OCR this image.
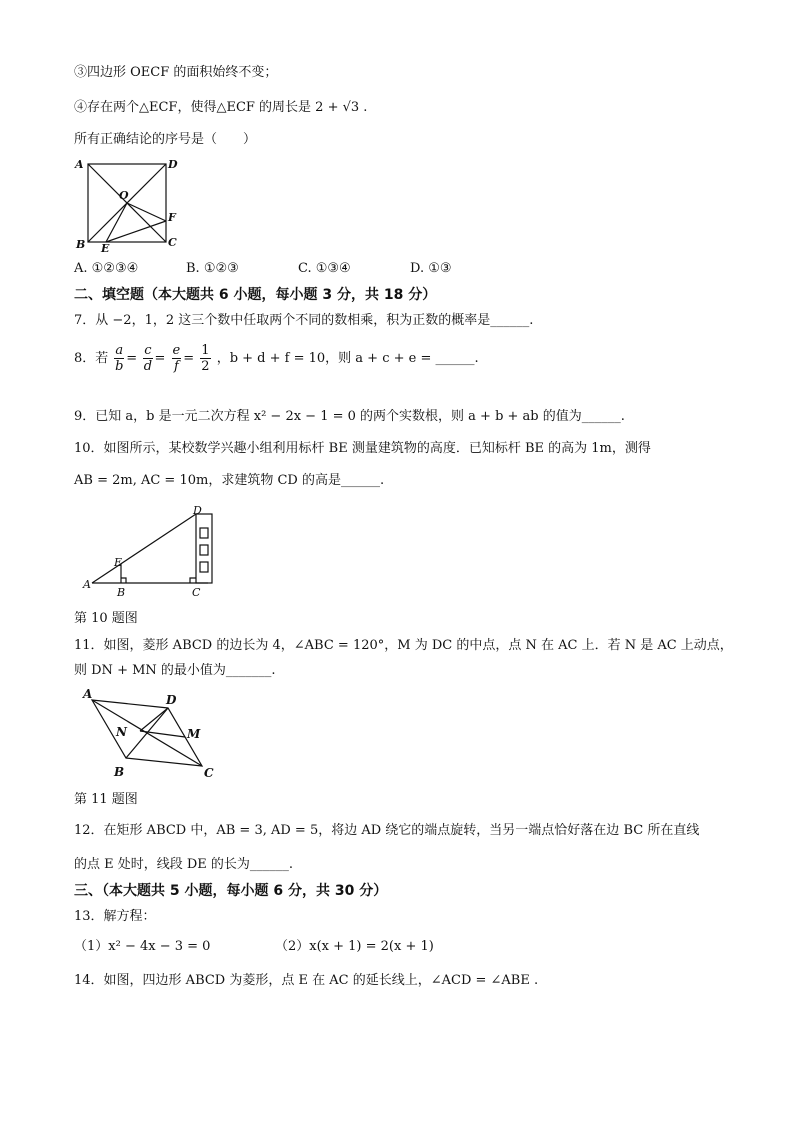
③四边形 OECF 的面积始终不变；
④存在两个△ECF，使得△ECF 的周长是 2 + √3 .
所有正确结论的序号是（　　）
A	D
O
F
B E	C
A. ①②③④	B. ①②③	C. ①③④	D. ①③
二、填空题（本大题共 6 小题，每小题 3 分，共 18 分）
7．从 −2，1，2 这三个数中任取两个不同的数相乘，积为正数的概率是______.
8．若 $\frac{a}{b} = \frac{c}{d} = \frac{e}{f} = \frac{1}{2}$ ，b + d + f = 10，则 a + c + e = ______.
9．已知 a，b 是一元二次方程 x² − 2x − 1 = 0 的两个实数根，则 a + b + ab 的值为______.
10．如图所示，某校数学兴趣小组利用标杆 BE 测量建筑物的高度．已知标杆 BE 的高为 1m，测得
AB = 2m, AC = 10m，求建筑物 CD 的高是______.
D
E
A
B	C
第 10 题图
11．如图，菱形 ABCD 的边长为 4，∠ABC = 120°，M 为 DC 的中点，点 N 在 AC 上．若 N 是 AC 上动点，
则 DN + MN 的最小值为_______.
A	D
N	M
B	C
第 11 题图
12．在矩形 ABCD 中，AB = 3, AD = 5，将边 AD 绕它的端点旋转，当另一端点恰好落在边 BC 所在直线
的点 E 处时，线段 DE 的长为______.
三、（本大题共 5 小题，每小题 6 分，共 30 分）
13．解方程：
（1）x² − 4x − 3 = 0	（2）x(x + 1) = 2(x + 1)
14．如图，四边形 ABCD 为菱形，点 E 在 AC 的延长线上，∠ACD = ∠ABE .
